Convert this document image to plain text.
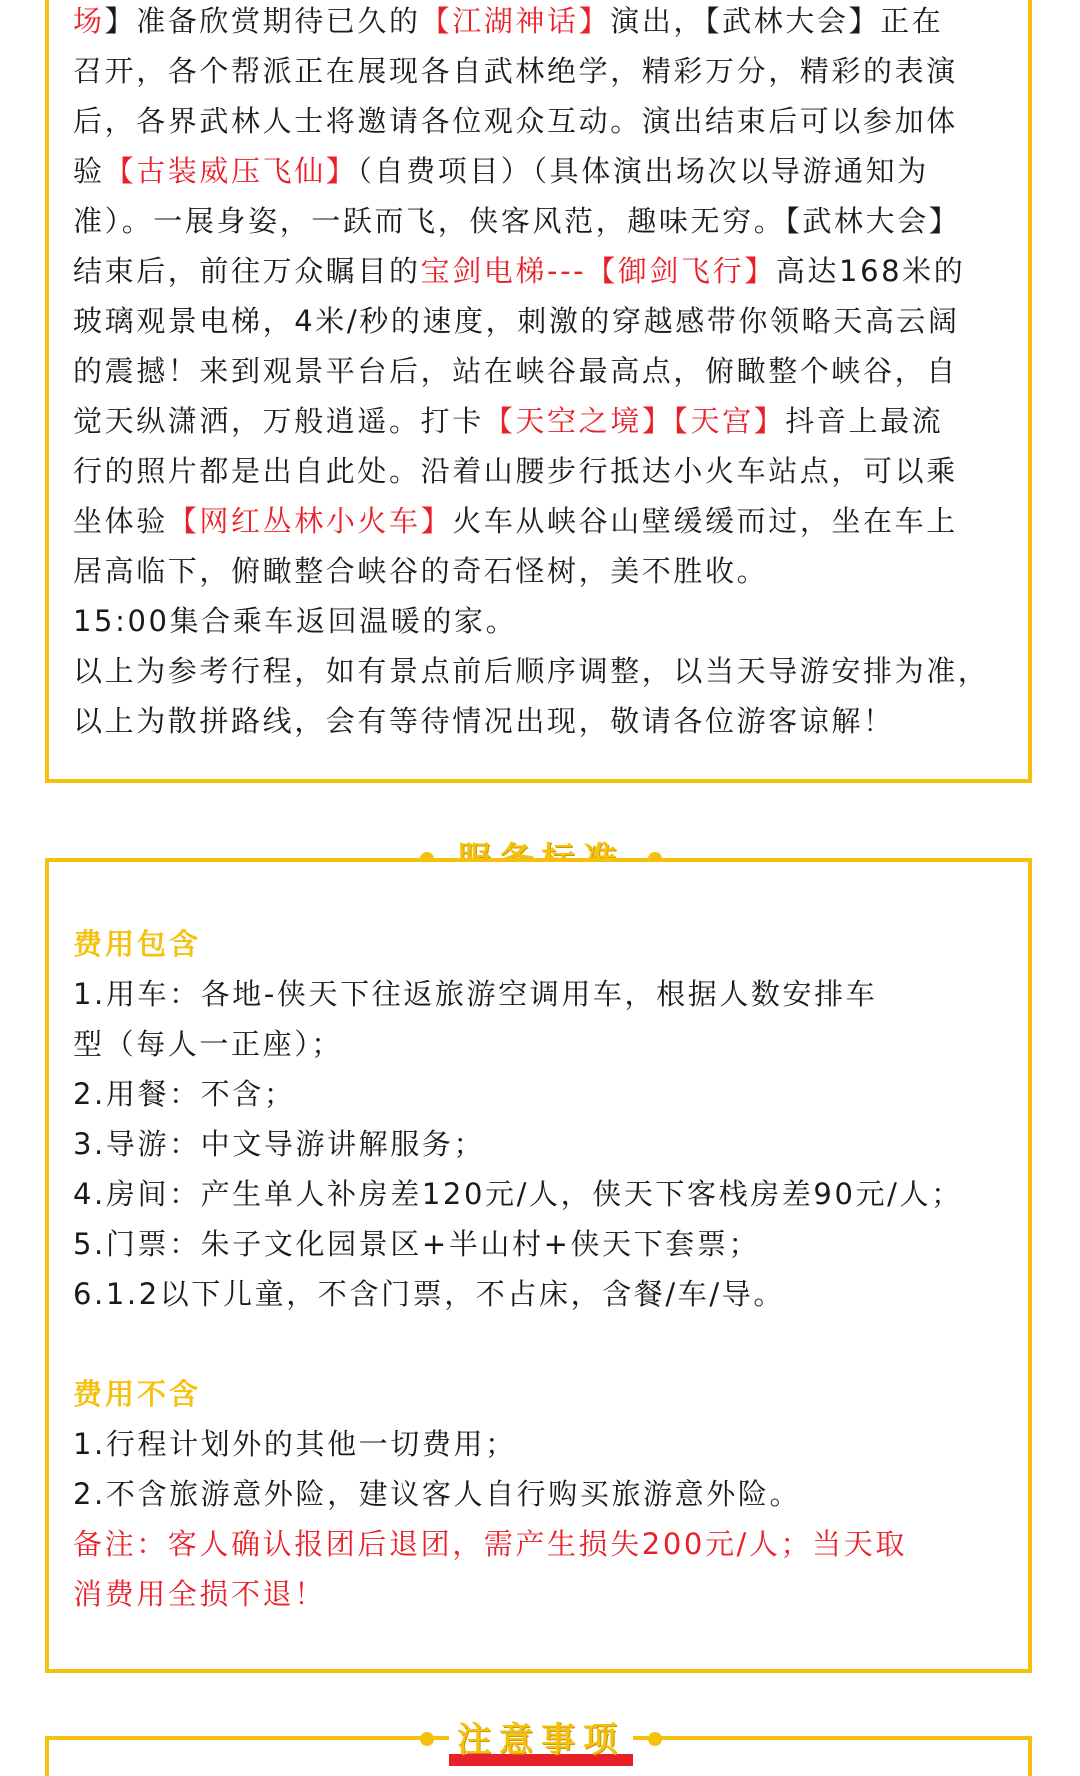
场】准备欣赏期待已久的【江湖神话】演出，【武林大会】正在
召开，各个帮派正在展现各自武林绝学，精彩万分，精彩的表演
后，各界武林人士将邀请各位观众互动。演出结束后可以参加体
验【古装威压飞仙】（自费项目）（具体演出场次以导游通知为
准）。一展身姿，一跃而飞，侠客风范，趣味无穷。【武林大会】
结束后，前往万众瞩目的宝剑电梯---【御剑飞行】高达168米的
玻璃观景电梯，4米/秒的速度，刺激的穿越感带你领略天高云阔
的震撼！来到观景平台后，站在峡谷最高点，俯瞰整个峡谷，自
觉天纵潇洒，万般逍遥。打卡【天空之境】【天宫】抖音上最流
行的照片都是出自此处。沿着山腰步行抵达小火车站点，可以乘
坐体验【网红丛林小火车】火车从峡谷山壁缓缓而过，坐在车上
居高临下，俯瞰整合峡谷的奇石怪树，美不胜收。
15:00集合乘车返回温暖的家。
以上为参考行程，如有景点前后顺序调整，以当天导游安排为准，
以上为散拼路线，会有等待情况出现，敬请各位游客谅解！
费用包含
1.用车：各地-侠天下往返旅游空调用车，根据人数安排车
型（每人一正座）；
2.用餐：不含；
3.导游：中文导游讲解服务；
4.房间：产生单人补房差120元/人，侠天下客栈房差90元/人；
5.门票：朱子文化园景区+半山村+侠天下套票；
6.1.2以下儿童，不含门票，不占床，含餐/车/导。
费用不含
1.行程计划外的其他一切费用；
2.不含旅游意外险，建议客人自行购买旅游意外险。
备注：客人确认报团后退团，需产生损失200元/人；当天取
消费用全损不退！
注意事项
